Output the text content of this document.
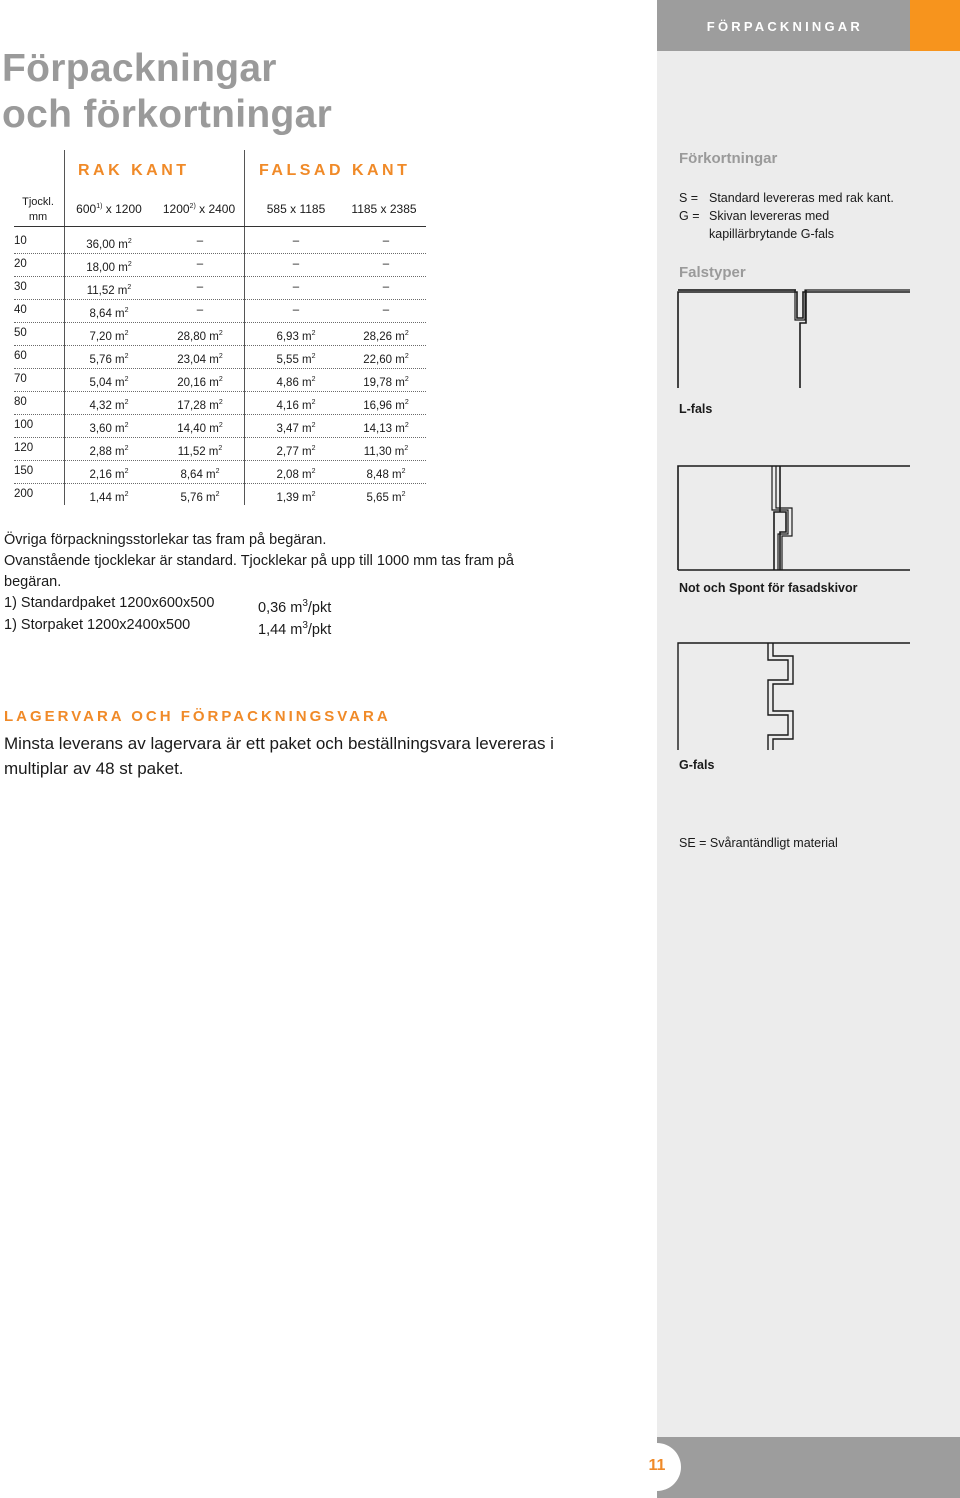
Förpackningar
och förkortningar
RAK KANT	FALSAD KANT
Tjockl.
mm
600$^{1)}$ x 1200	1200$^{2)}$ x 2400	585 x 1185	1185 x 2385
10	36,00 $m^2$	–	–	–
20	18,00 $m^2$	–	–	–
30	11,52 $m^2$	–	–	–
40	8,64 $m^2$	–	–	–
50	7,20 $m^2$	28,80 $m^2$	6,93 $m^2$	28,26 $m^2$
60	5,76 $m^2$	23,04 $m^2$	5,55 $m^2$	22,60 $m^2$
70	5,04 $m^2$	20,16 $m^2$	4,86 $m^2$	19,78 $m^2$
80	4,32 $m^2$	17,28 $m^2$	4,16 $m^2$	16,96 $m^2$
100	3,60 $m^2$	14,40 $m^2$	3,47 $m^2$	14,13 $m^2$
120	2,88 $m^2$	11,52 $m^2$	2,77 $m^2$	11,30 $m^2$
150	2,16 $m^2$	8,64 $m^2$	2,08 $m^2$	8,48 $m^2$
200	1,44 $m^2$	5,76 $m^2$	1,39 $m^2$	5,65 $m^2$
Övriga förpackningsstorlekar tas fram på begäran.
Ovanstående tjocklekar är standard. Tjocklekar på upp till 1000 mm tas fram på begäran.
1) Standardpaket 1200x600x500	0,36 $m^3$/pkt
1) Storpaket 1200x2400x500	1,44 $m^3$/pkt
LAGERVARA OCH FÖRPACKNINGSVARA
Minsta leverans av lagervara är ett paket och beställningsvara levereras i multiplar av 48 st paket.
FÖRPACKNINGAR
Förkortningar
S = Standard levereras med rak kant.
G = Skivan levereras med
kapillärbrytande G-fals
Falstyper
L-fals
Not och Spont för fasadskivor
G-fals
SE = Svårantändligt material
11
